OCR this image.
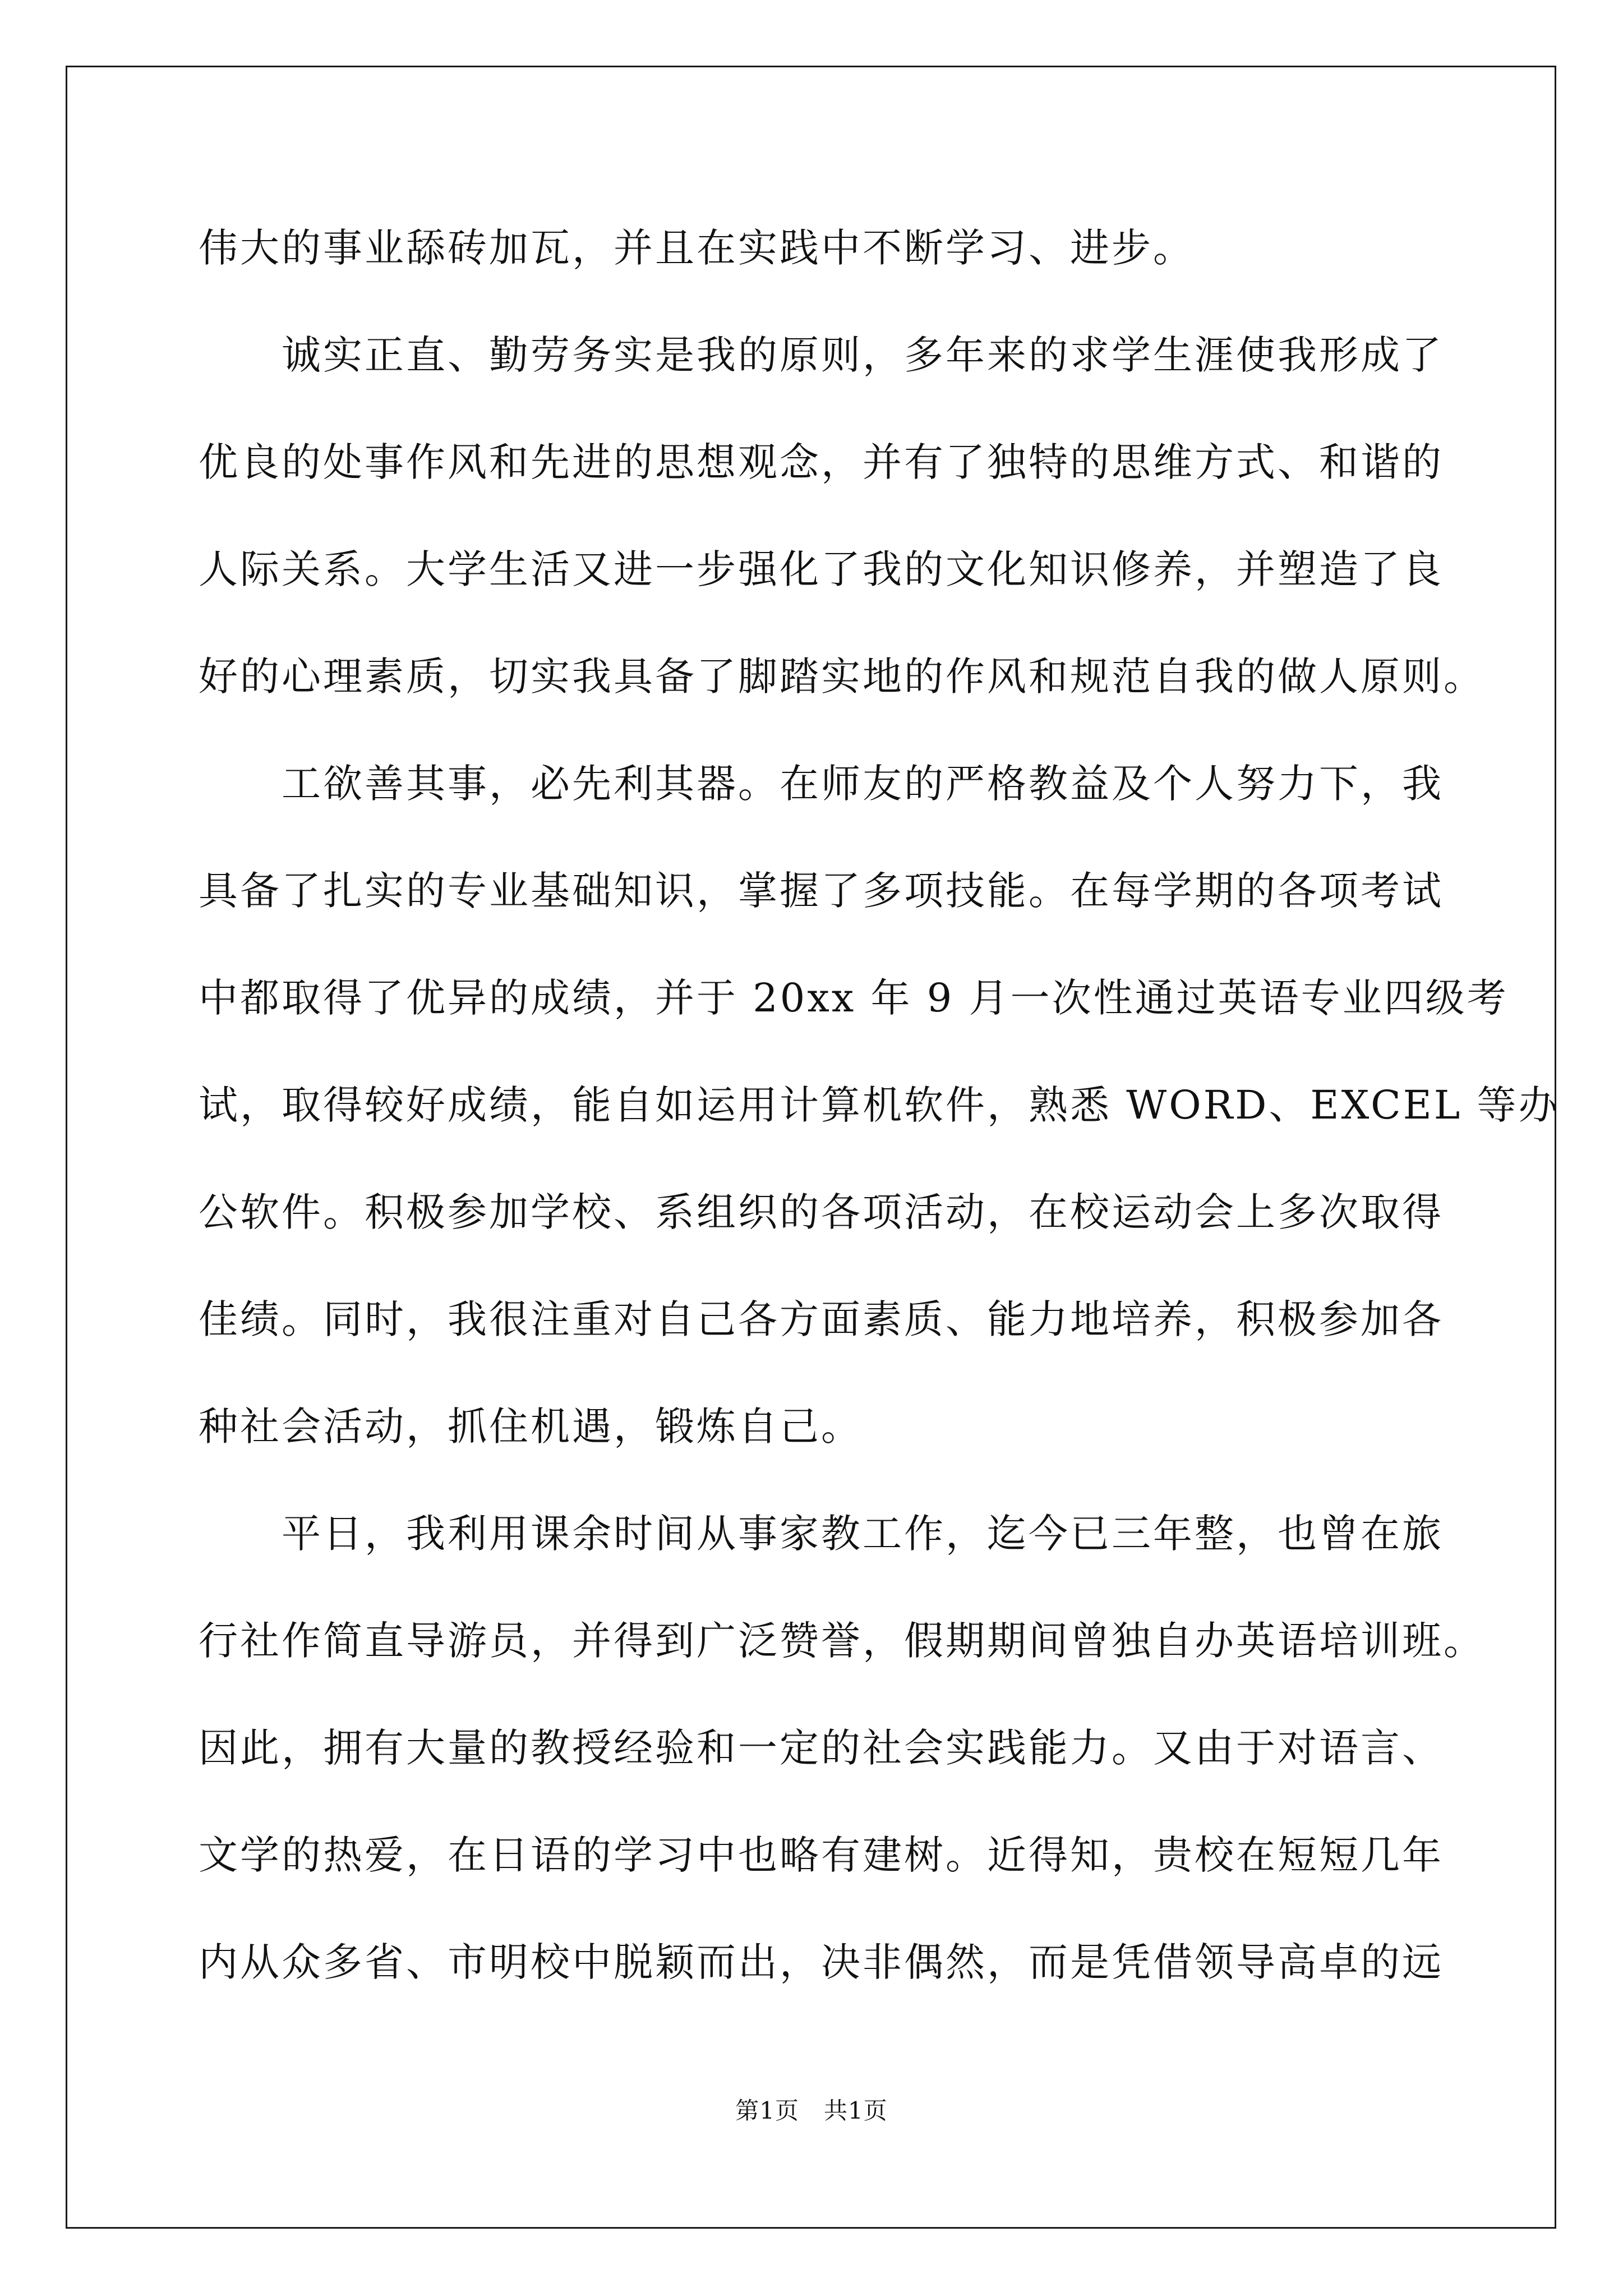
伟大的事业舔砖加瓦，并且在实践中不断学习、进步。
　　诚实正直、勤劳务实是我的原则，多年来的求学生涯使我形成了
优良的处事作风和先进的思想观念，并有了独特的思维方式、和谐的
人际关系。大学生活又进一步强化了我的文化知识修养，并塑造了良
好的心理素质，切实我具备了脚踏实地的作风和规范自我的做人原则。
　　工欲善其事，必先利其器。在师友的严格教益及个人努力下，我
具备了扎实的专业基础知识，掌握了多项技能。在每学期的各项考试
中都取得了优异的成绩，并于 20xx 年 9 月一次性通过英语专业四级考
试，取得较好成绩，能自如运用计算机软件，熟悉 WORD、EXCEL 等办
公软件。积极参加学校、系组织的各项活动，在校运动会上多次取得
佳绩。同时，我很注重对自己各方面素质、能力地培养，积极参加各
种社会活动，抓住机遇，锻炼自己。
　　平日，我利用课余时间从事家教工作，迄今已三年整，也曾在旅
行社作简直导游员，并得到广泛赞誉，假期期间曾独自办英语培训班。
因此，拥有大量的教授经验和一定的社会实践能力。又由于对语言、
文学的热爱，在日语的学习中也略有建树。近得知，贵校在短短几年
内从众多省、市明校中脱颖而出，决非偶然，而是凭借领导高卓的远
第1页 共1页
